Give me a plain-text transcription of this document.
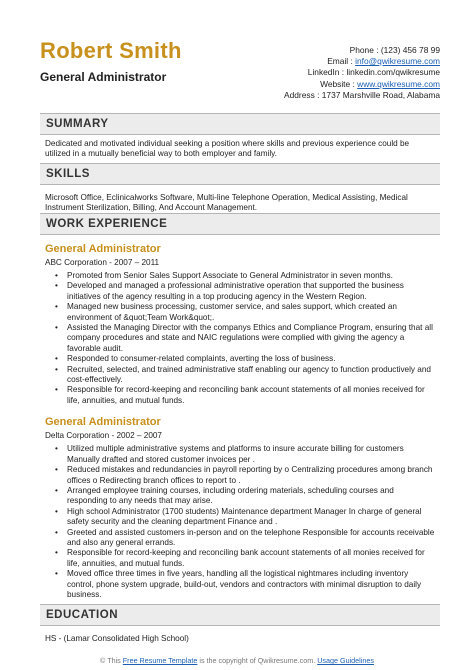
Robert Smith
General Administrator
Phone : (123) 456 78 99
Email : info@qwikresume.com
LinkedIn : linkedin.com/qwikresume
Website : www.qwikresume.com
Address : 1737 Marshville Road, Alabama
SUMMARY
Dedicated and motivated individual seeking a position where skills and previous experience could be utilized in a mutually beneficial way to both employer and family.
SKILLS
Microsoft Office, Eclinicalworks Software, Multi-line Telephone Operation, Medical Assisting, Medical Instrument Sterilization, Billing, And Account Management.
WORK EXPERIENCE
General Administrator
ABC Corporation - 2007 – 2011
• Promoted from Senior Sales Support Associate to General Administrator in seven months.
• Developed and managed a professional administrative operation that supported the business initiatives of the agency resulting in a top producing agency in the Western Region.
• Managed new business processing, customer service, and sales support, which created an environment of &quot;Team Work&quot;.
• Assisted the Managing Director with the companys Ethics and Compliance Program, ensuring that all company procedures and state and NAIC regulations were complied with giving the agency a favorable audit.
• Responded to consumer-related complaints, averting the loss of business.
• Recruited, selected, and trained administrative staff enabling our agency to function productively and cost-effectively.
• Responsible for record-keeping and reconciling bank account statements of all monies received for life, annuities, and mutual funds.
General Administrator
Delta Corporation - 2002 – 2007
• Utilized multiple administrative systems and platforms to insure accurate billing for customers Manually drafted and stored customer invoices per .
• Reduced mistakes and redundancies in payroll reporting by o Centralizing procedures among branch offices o Redirecting branch offices to report to .
• Arranged employee training courses, including ordering materials, scheduling courses and responding to any needs that may arise.
• High school Administrator (1700 students) Maintenance department Manager In charge of general safety security and the cleaning department Finance and .
• Greeted and assisted customers in-person and on the telephone Responsible for accounts receivable and also any general errands.
• Responsible for record-keeping and reconciling bank account statements of all monies received for life, annuities, and mutual funds.
• Moved office three times in five years, handling all the logistical nightmares including inventory control, phone system upgrade, build-out, vendors and contractors with minimal disruption to daily business.
EDUCATION
HS - (Lamar Consolidated High School)
© This Free Resume Template is the copyright of Qwikresume.com. Usage Guidelines
